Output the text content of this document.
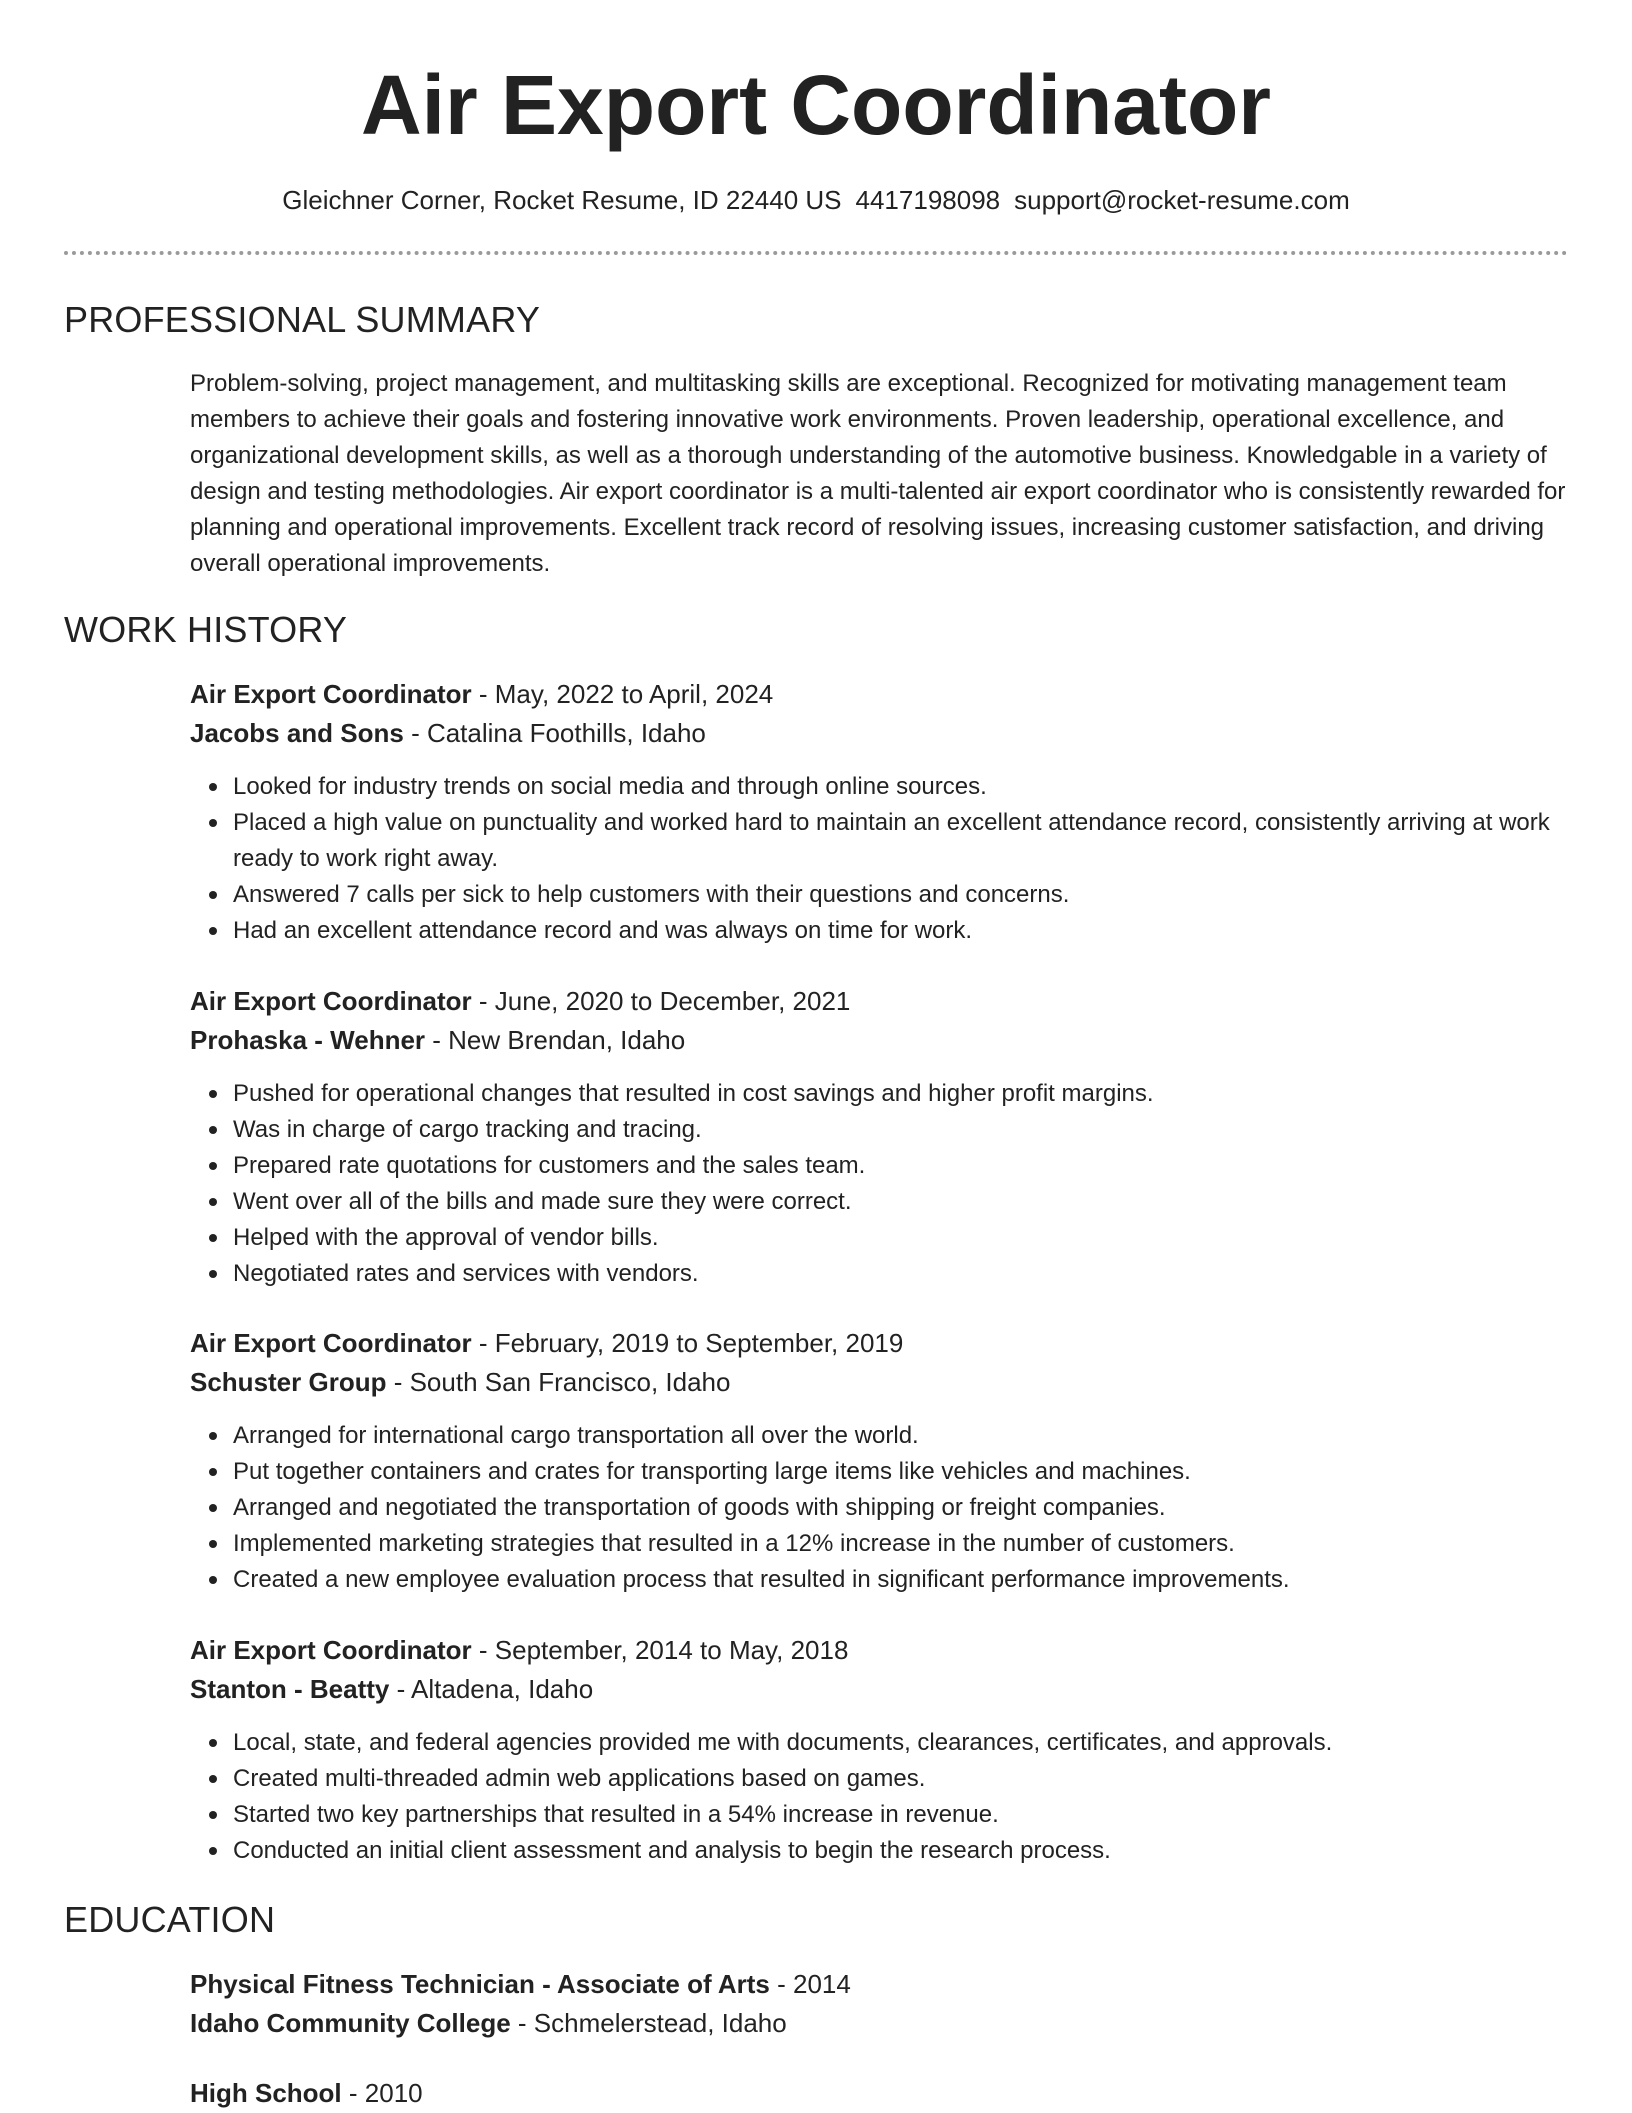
Air Export Coordinator
Gleichner Corner, Rocket Resume, ID 22440 US 4417198098 support@rocket-resume.com
PROFESSIONAL SUMMARY
Problem-solving, project management, and multitasking skills are exceptional. Recognized for motivating management team members to achieve their goals and fostering innovative work environments. Proven leadership, operational excellence, and organizational development skills, as well as a thorough understanding of the automotive business. Knowledgable in a variety of design and testing methodologies. Air export coordinator is a multi-talented air export coordinator who is consistently rewarded for planning and operational improvements. Excellent track record of resolving issues, increasing customer satisfaction, and driving overall operational improvements.
WORK HISTORY
Air Export Coordinator - May, 2022 to April, 2024
Jacobs and Sons - Catalina Foothills, Idaho
Looked for industry trends on social media and through online sources.
Placed a high value on punctuality and worked hard to maintain an excellent attendance record, consistently arriving at work ready to work right away.
Answered 7 calls per sick to help customers with their questions and concerns.
Had an excellent attendance record and was always on time for work.
Air Export Coordinator - June, 2020 to December, 2021
Prohaska - Wehner - New Brendan, Idaho
Pushed for operational changes that resulted in cost savings and higher profit margins.
Was in charge of cargo tracking and tracing.
Prepared rate quotations for customers and the sales team.
Went over all of the bills and made sure they were correct.
Helped with the approval of vendor bills.
Negotiated rates and services with vendors.
Air Export Coordinator - February, 2019 to September, 2019
Schuster Group - South San Francisco, Idaho
Arranged for international cargo transportation all over the world.
Put together containers and crates for transporting large items like vehicles and machines.
Arranged and negotiated the transportation of goods with shipping or freight companies.
Implemented marketing strategies that resulted in a 12% increase in the number of customers.
Created a new employee evaluation process that resulted in significant performance improvements.
Air Export Coordinator - September, 2014 to May, 2018
Stanton - Beatty - Altadena, Idaho
Local, state, and federal agencies provided me with documents, clearances, certificates, and approvals.
Created multi-threaded admin web applications based on games.
Started two key partnerships that resulted in a 54% increase in revenue.
Conducted an initial client assessment and analysis to begin the research process.
EDUCATION
Physical Fitness Technician - Associate of Arts - 2014
Idaho Community College - Schmelerstead, Idaho
High School - 2010
